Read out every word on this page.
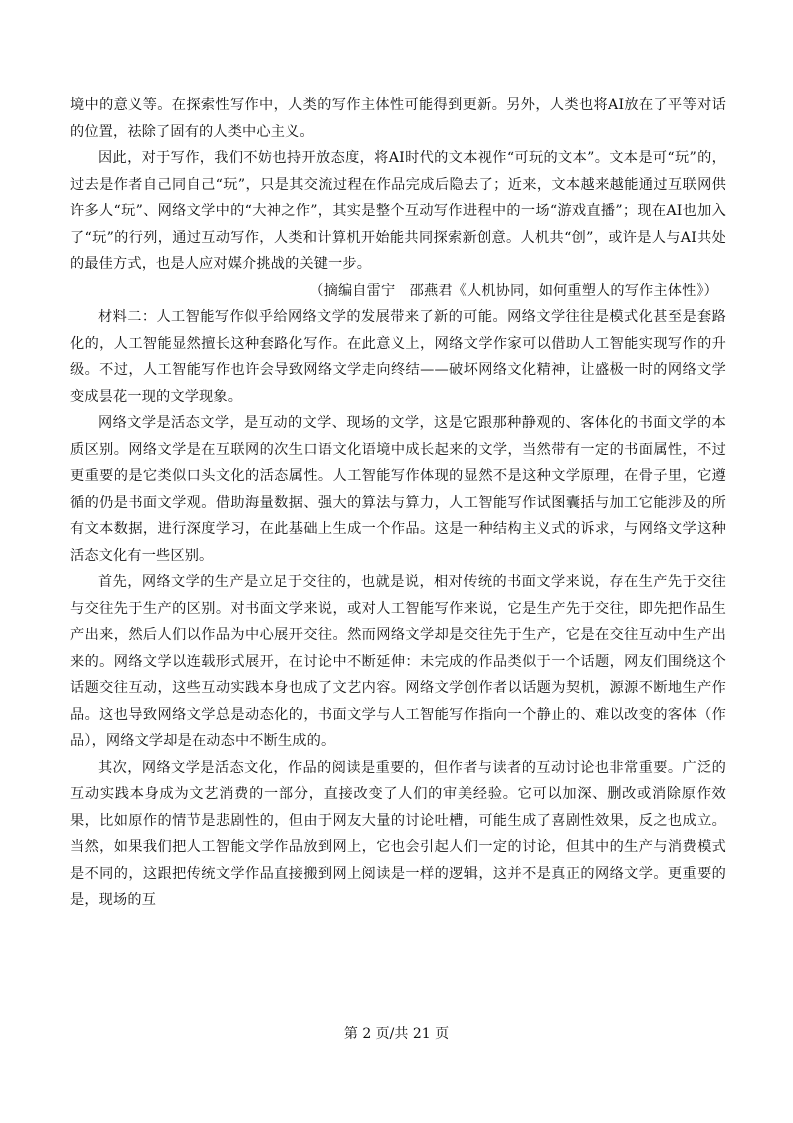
境中的意义等。在探索性写作中，人类的写作主体性可能得到更新。另外，人类也将AI放在了平等对话的位置，祛除了固有的人类中心主义。

因此，对于写作，我们不妨也持开放态度，将AI时代的文本视作“可玩的文本”。文本是可“玩”的，过去是作者自己同自己“玩”，只是其交流过程在作品完成后隐去了；近来，文本越来越能通过互联网供许多人“玩”、网络文学中的“大神之作”，其实是整个互动写作进程中的一场“游戏直播”；现在AI也加入了“玩”的行列，通过互动写作，人类和计算机开始能共同探索新创意。人机共“创”，或许是人与AI共处的最佳方式，也是人应对媒介挑战的关键一步。

（摘编自雷宁　邵燕君《人机协同，如何重塑人的写作主体性》）

材料二：人工智能写作似乎给网络文学的发展带来了新的可能。网络文学往往是模式化甚至是套路化的，人工智能显然擅长这种套路化写作。在此意义上，网络文学作家可以借助人工智能实现写作的升级。不过，人工智能写作也许会导致网络文学走向终结——破坏网络文化精神，让盛极一时的网络文学变成昙花一现的文学现象。

网络文学是活态文学，是互动的文学、现场的文学，这是它跟那种静观的、客体化的书面文学的本质区别。网络文学是在互联网的次生口语文化语境中成长起来的文学，当然带有一定的书面属性，不过更重要的是它类似口头文化的活态属性。人工智能写作体现的显然不是这种文学原理，在骨子里，它遵循的仍是书面文学观。借助海量数据、强大的算法与算力，人工智能写作试图囊括与加工它能涉及的所有文本数据，进行深度学习，在此基础上生成一个作品。这是一种结构主义式的诉求，与网络文学这种活态文化有一些区别。

首先，网络文学的生产是立足于交往的，也就是说，相对传统的书面文学来说，存在生产先于交往与交往先于生产的区别。对书面文学来说，或对人工智能写作来说，它是生产先于交往，即先把作品生产出来，然后人们以作品为中心展开交往。然而网络文学却是交往先于生产，它是在交往互动中生产出来的。网络文学以连载形式展开，在讨论中不断延伸：未完成的作品类似于一个话题，网友们围绕这个话题交往互动，这些互动实践本身也成了文艺内容。网络文学创作者以话题为契机，源源不断地生产作品。这也导致网络文学总是动态化的，书面文学与人工智能写作指向一个静止的、难以改变的客体（作品），网络文学却是在动态中不断生成的。

其次，网络文学是活态文化，作品的阅读是重要的，但作者与读者的互动讨论也非常重要。广泛的互动实践本身成为文艺消费的一部分，直接改变了人们的审美经验。它可以加深、删改或消除原作效果，比如原作的情节是悲剧性的，但由于网友大量的讨论吐槽，可能生成了喜剧性效果，反之也成立。当然，如果我们把人工智能文学作品放到网上，它也会引起人们一定的讨论，但其中的生产与消费模式是不同的，这跟把传统文学作品直接搬到网上阅读是一样的逻辑，这并不是真正的网络文学。更重要的是，现场的互

第 2 页/共 21 页
